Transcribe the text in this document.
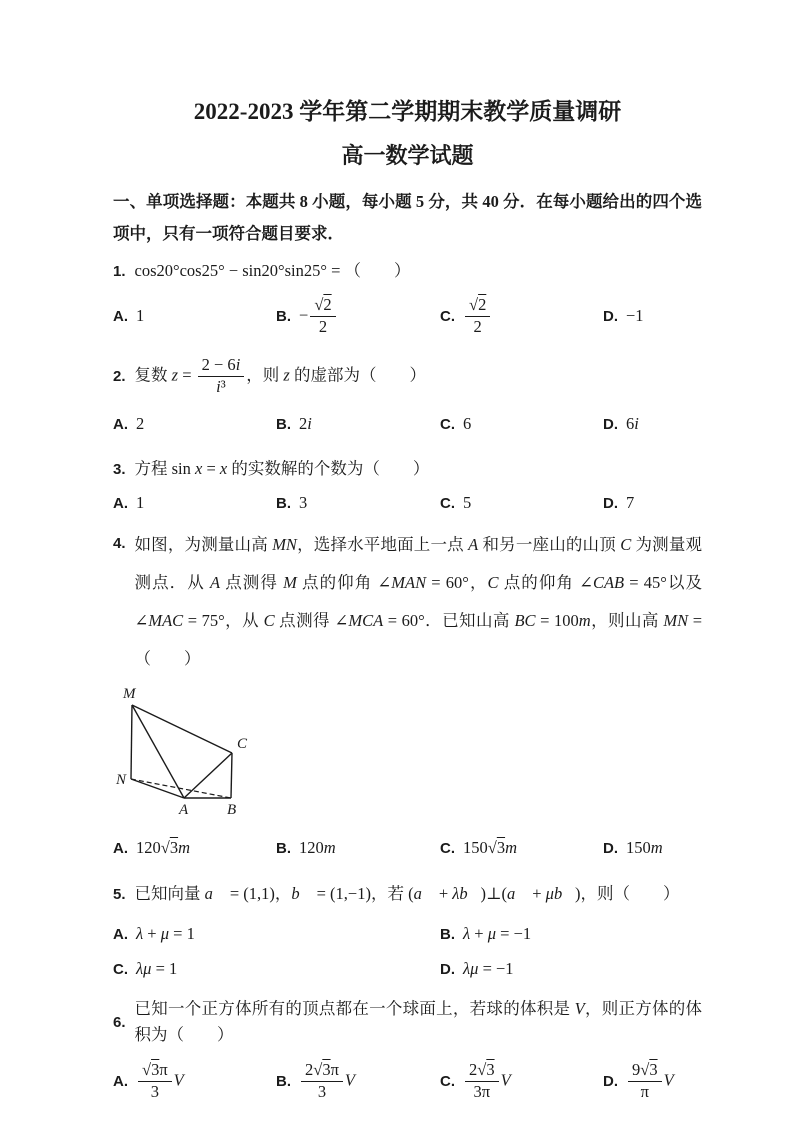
2022-2023 学年第二学期期末教学质量调研
高一数学试题

一、单项选择题：本题共 8 小题，每小题 5 分，共 40 分．在每小题给出的四个选项中，只有一项符合题目要求．

1. cos20°cos25° − sin20°sin25° = （　　）
A. 1	B. − $\frac{√2}{2}$	C. $\frac{√2}{2}$	D. −1
2. 复数 $z = \frac{2 - 6i}{\text{i³}}$ ，则 z 的虚部为（　　）
A. 2	B. 2i	C. 6	D. 6i
3. 方程 sin x = x 的实数解的个数为（　　）
A. 1	B. 3	C. 5	D. 7
4. 如图，为测量山高 MN，选择水平地面上一点 A 和另一座山的山顶 C 为测量观测点．从 A 点测得 M 点的仰角 ∠MAN = 60°，C 点的仰角 ∠CAB = 45°以及 ∠MAC = 75°，从 C 点测得 ∠MCA = 60°．已知山高 BC = 100m，则山高 MN = （　　）
M
N
A	B
C
A. 120√3m	B. 120m	C. 150√3m	D. 150m
5. 已知向量 a⃗ = (1,1)，b⃗ = (1,−1)，若 (a⃗ + λb⃗)⊥(a⃗ + μb⃗)，则（　　）
A. λ + μ = 1	B. λ + μ = −1
C. λμ = 1	D. λμ = −1
6.
已知一个正方体所有的顶点都在一个球面上，若球的体积是 V，则正方体的体积为（　　）
A. $\frac{√3\pi}{3}$ V	B. $\frac{2√3\pi}{3}$ V	C. $\frac{2√3}{3\pi}$ V	D. $\frac{9√3}{\pi}$ V
